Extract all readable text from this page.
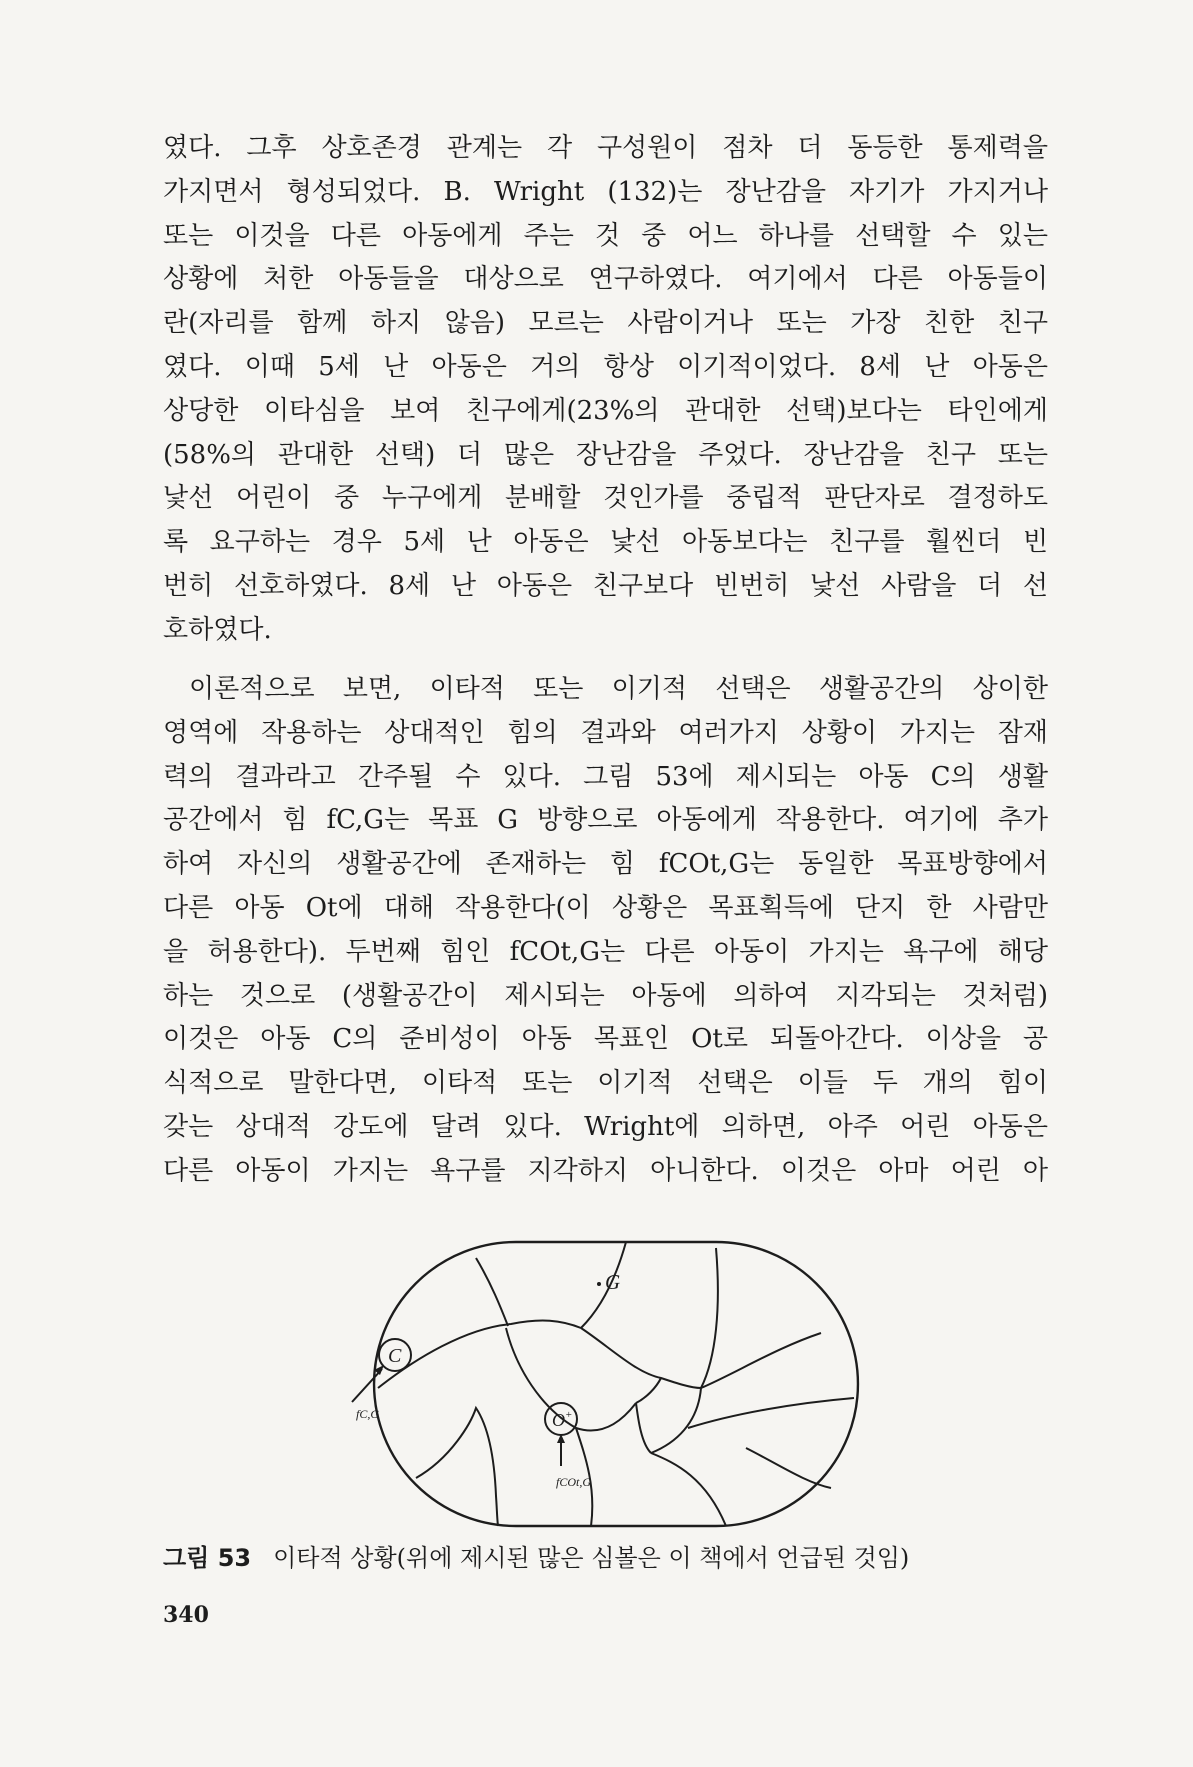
였다. 그후 상호존경 관계는 각 구성원이 점차 더 동등한 통제력을
가지면서 형성되었다. B. Wright (132)는 장난감을 자기가 가지거나
또는 이것을 다른 아동에게 주는 것 중 어느 하나를 선택할 수 있는
상황에 처한 아동들을 대상으로 연구하였다. 여기에서 다른 아동들이
란(자리를 함께 하지 않음) 모르는 사람이거나 또는 가장 친한 친구
였다. 이때 5세 난 아동은 거의 항상 이기적이었다. 8세 난 아동은
상당한 이타심을 보여 친구에게(23%의 관대한 선택)보다는 타인에게
(58%의 관대한 선택) 더 많은 장난감을 주었다. 장난감을 친구 또는
낯선 어린이 중 누구에게 분배할 것인가를 중립적 판단자로 결정하도
록 요구하는 경우 5세 난 아동은 낯선 아동보다는 친구를 훨씬더 빈
번히 선호하였다. 8세 난 아동은 친구보다 빈번히 낯선 사람을 더 선
호하였다.
이론적으로 보면, 이타적 또는 이기적 선택은 생활공간의 상이한
영역에 작용하는 상대적인 힘의 결과와 여러가지 상황이 가지는 잠재
력의 결과라고 간주될 수 있다. 그림 53에 제시되는 아동 C의 생활
공간에서 힘 fC,G는 목표 G 방향으로 아동에게 작용한다. 여기에 추가
하여 자신의 생활공간에 존재하는 힘 fCOt,G는 동일한 목표방향에서
다른 아동 Ot에 대해 작용한다(이 상황은 목표획득에 단지 한 사람만
을 허용한다). 두번째 힘인 fCOt,G는 다른 아동이 가지는 욕구에 해당
하는 것으로 (생활공간이 제시되는 아동에 의하여 지각되는 것처럼)
이것은 아동 C의 준비성이 아동 목표인 Ot로 되돌아간다. 이상을 공
식적으로 말한다면, 이타적 또는 이기적 선택은 이들 두 개의 힘이
갖는 상대적 강도에 달려 있다. Wright에 의하면, 아주 어린 아동은
다른 아동이 가지는 욕구를 지각하지 아니한다. 이것은 아마 어린 아
G
C
fC,G	O+
fCOt,G
그림 53 이타적 상황(위에 제시된 많은 심볼은 이 책에서 언급된 것임)
340
